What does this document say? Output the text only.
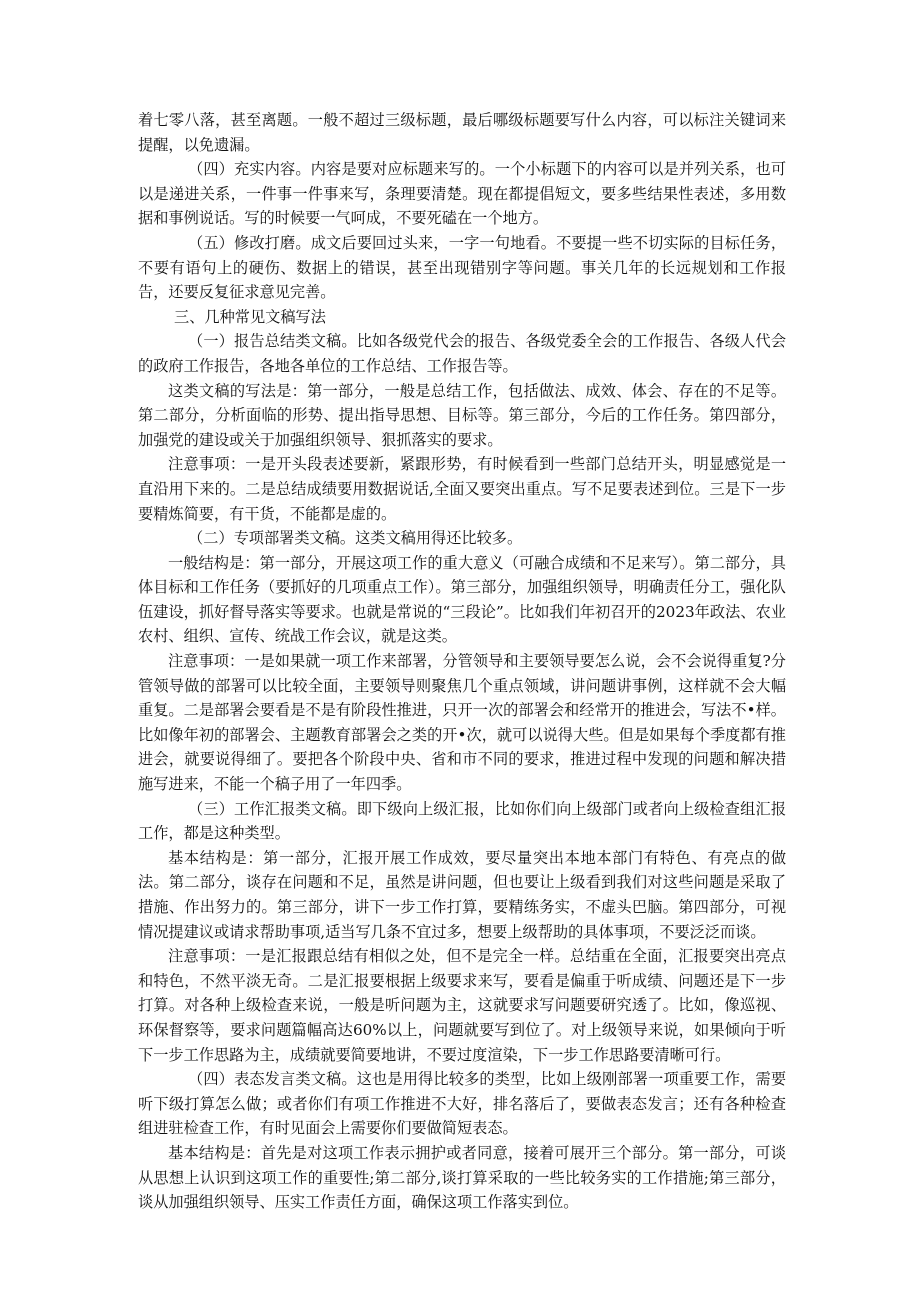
着七零八落，甚至离题。一般不超过三级标题，最后哪级标题要写什么内容，可以标注关键词来提醒，以免遗漏。

（四）充实内容。内容是要对应标题来写的。一个小标题下的内容可以是并列关系，也可以是递进关系，一件事一件事来写，条理要清楚。现在都提倡短文，要多些结果性表述，多用数据和事例说话。写的时候要一气呵成，不要死磕在一个地方。

（五）修改打磨。成文后要回过头来，一字一句地看。不要提一些不切实际的目标任务，不要有语句上的硬伤、数据上的错误，甚至出现错别字等问题。事关几年的长远规划和工作报告，还要反复征求意见完善。

三、几种常见文稿写法

（一）报告总结类文稿。比如各级党代会的报告、各级党委全会的工作报告、各级人代会的政府工作报告，各地各单位的工作总结、工作报告等。

这类文稿的写法是：第一部分，一般是总结工作，包括做法、成效、体会、存在的不足等。第二部分，分析面临的形势、提出指导思想、目标等。第三部分，今后的工作任务。第四部分，加强党的建设或关于加强组织领导、狠抓落实的要求。

注意事项：一是开头段表述要新，紧跟形势，有时候看到一些部门总结开头，明显感觉是一直沿用下来的。二是总结成绩要用数据说话,全面又要突出重点。写不足要表述到位。三是下一步要精炼简要，有干货，不能都是虚的。

（二）专项部署类文稿。这类文稿用得还比较多。

一般结构是：第一部分，开展这项工作的重大意义（可融合成绩和不足来写）。第二部分，具体目标和工作任务（要抓好的几项重点工作）。第三部分，加强组织领导，明确责任分工，强化队伍建设，抓好督导落实等要求。也就是常说的“三段论”。比如我们年初召开的2023年政法、农业农村、组织、宣传、统战工作会议，就是这类。

注意事项：一是如果就一项工作来部署，分管领导和主要领导要怎么说，会不会说得重复?分管领导做的部署可以比较全面，主要领导则聚焦几个重点领域，讲问题讲事例，这样就不会大幅重复。二是部署会要看是不是有阶段性推进，只开一次的部署会和经常开的推进会，写法不•样。比如像年初的部署会、主题教育部署会之类的开•次，就可以说得大些。但是如果每个季度都有推进会，就要说得细了。要把各个阶段中央、省和市不同的要求，推进过程中发现的问题和解决措施写进来，不能一个稿子用了一年四季。

（三）工作汇报类文稿。即下级向上级汇报，比如你们向上级部门或者向上级检查组汇报工作，都是这种类型。

基本结构是：第一部分，汇报开展工作成效，要尽量突出本地本部门有特色、有亮点的做法。第二部分，谈存在问题和不足，虽然是讲问题，但也要让上级看到我们对这些问题是采取了措施、作出努力的。第三部分，讲下一步工作打算，要精练务实，不虚头巴脑。第四部分，可视情况提建议或请求帮助事项,适当写几条不宜过多，想要上级帮助的具体事项，不要泛泛而谈。

注意事项：一是汇报跟总结有相似之处，但不是完全一样。总结重在全面，汇报要突出亮点和特色，不然平淡无奇。二是汇报要根据上级要求来写，要看是偏重于听成绩、问题还是下一步打算。对各种上级检查来说，一般是听问题为主，这就要求写问题要研究透了。比如，像巡视、环保督察等，要求问题篇幅高达60%以上，问题就要写到位了。对上级领导来说，如果倾向于听下一步工作思路为主，成绩就要简要地讲，不要过度渲染，下一步工作思路要清晰可行。

（四）表态发言类文稿。这也是用得比较多的类型，比如上级刚部署一项重要工作，需要听下级打算怎么做；或者你们有项工作推进不大好，排名落后了，要做表态发言；还有各种检查组进驻检查工作，有时见面会上需要你们要做简短表态。

基本结构是：首先是对这项工作表示拥护或者同意，接着可展开三个部分。第一部分，可谈从思想上认识到这项工作的重要性;第二部分,谈打算采取的一些比较务实的工作措施;第三部分，谈从加强组织领导、压实工作责任方面，确保这项工作落实到位。
